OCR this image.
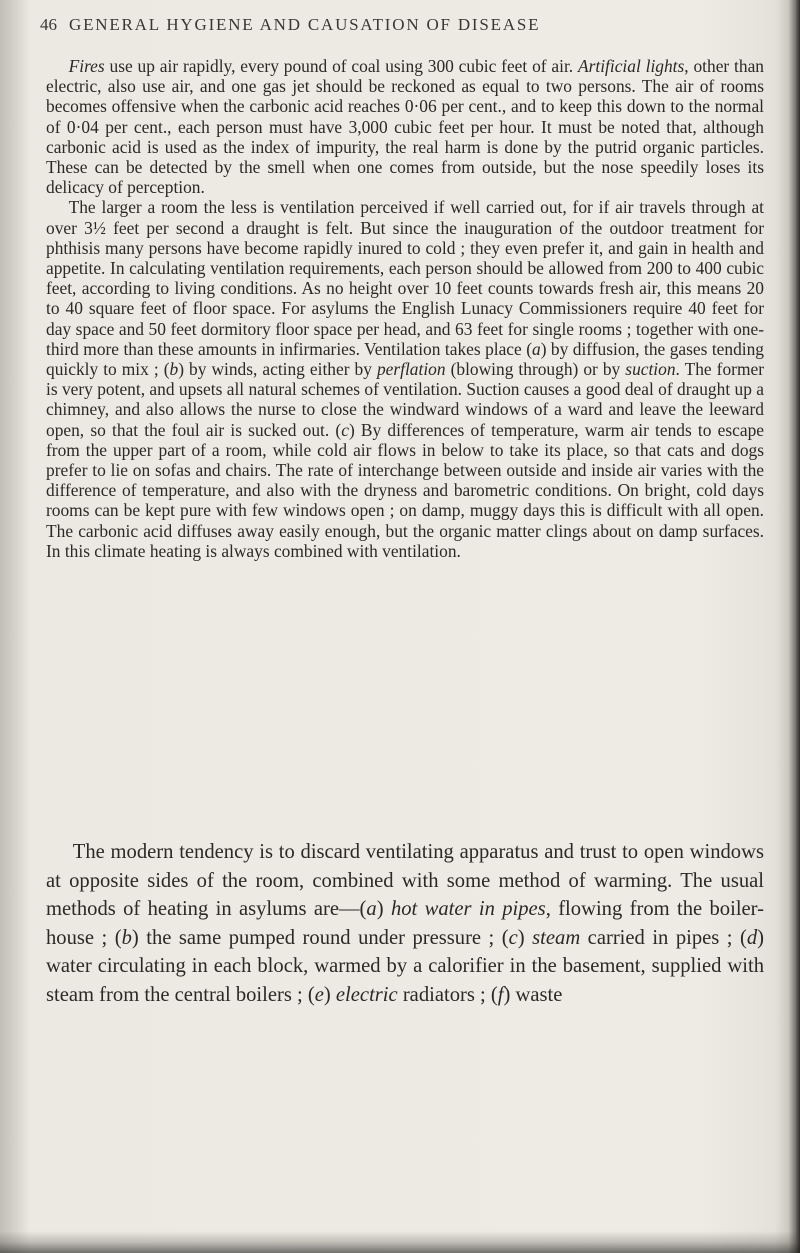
46 GENERAL HYGIENE AND CAUSATION OF DISEASE

Fires use up air rapidly, every pound of coal using 300 cubic feet of air. Artificial lights, other than electric, also use air, and one gas jet should be reckoned as equal to two persons. The air of rooms becomes offensive when the carbonic acid reaches 0·06 per cent., and to keep this down to the normal of 0·04 per cent., each person must have 3,000 cubic feet per hour. It must be noted that, although carbonic acid is used as the index of impurity, the real harm is done by the putrid organic particles. These can be detected by the smell when one comes from outside, but the nose speedily loses its delicacy of perception.

The larger a room the less is ventilation perceived if well carried out, for if air travels through at over 3½ feet per second a draught is felt. But since the inauguration of the outdoor treatment for phthisis many persons have become rapidly inured to cold ; they even prefer it, and gain in health and appetite. In calculating ventilation requirements, each person should be allowed from 200 to 400 cubic feet, according to living conditions. As no height over 10 feet counts towards fresh air, this means 20 to 40 square feet of floor space. For asylums the English Lunacy Commissioners require 40 feet for day space and 50 feet dormitory floor space per head, and 63 feet for single rooms ; together with one-third more than these amounts in infirmaries. Ventilation takes place (a) by diffusion, the gases tending quickly to mix ; (b) by winds, acting either by perflation (blowing through) or by suction. The former is very potent, and upsets all natural schemes of ventilation. Suction causes a good deal of draught up a chimney, and also allows the nurse to close the windward windows of a ward and leave the leeward open, so that the foul air is sucked out. (c) By differences of temperature, warm air tends to escape from the upper part of a room, while cold air flows in below to take its place, so that cats and dogs prefer to lie on sofas and chairs. The rate of interchange between outside and inside air varies with the difference of temperature, and also with the dryness and barometric conditions. On bright, cold days rooms can be kept pure with few windows open ; on damp, muggy days this is difficult with all open. The carbonic acid diffuses away easily enough, but the organic matter clings about on damp surfaces. In this climate heating is always combined with ventilation.

The modern tendency is to discard ventilating apparatus and trust to open windows at opposite sides of the room, combined with some method of warming. The usual methods of heating in asylums are—(a) hot water in pipes, flowing from the boiler-house ; (b) the same pumped round under pressure ; (c) steam carried in pipes ; (d) water circulating in each block, warmed by a calorifier in the basement, supplied with steam from the central boilers ; (e) electric radiators ; (f) waste
